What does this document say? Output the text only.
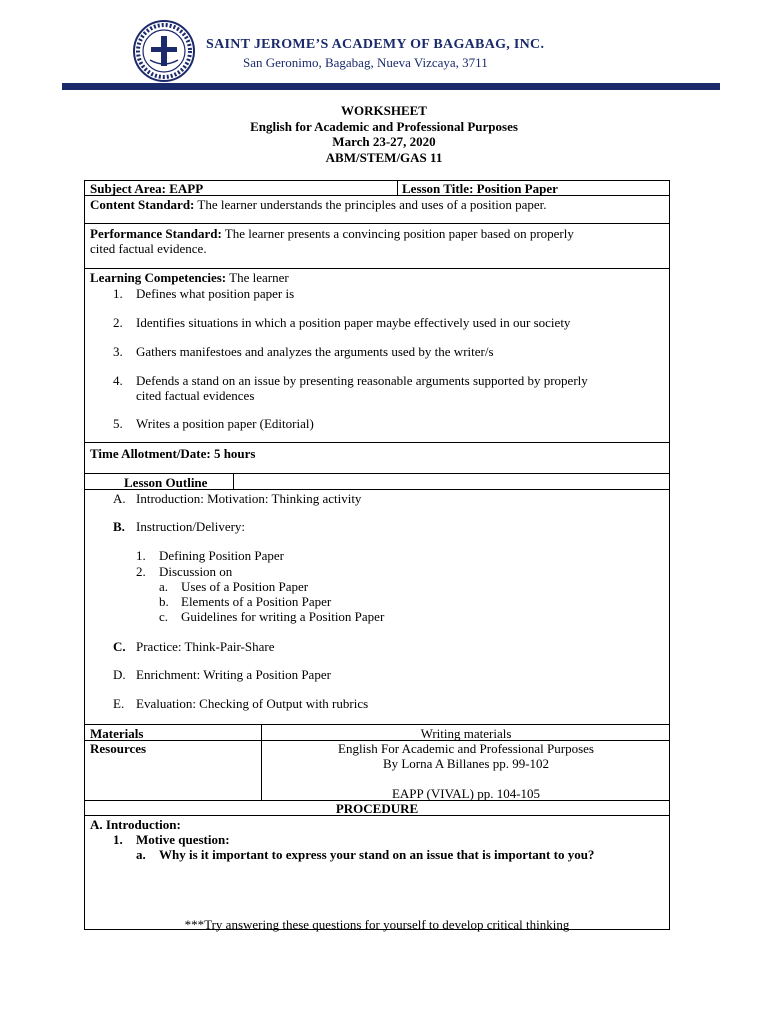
SAINT JEROME’S ACADEMY OF BAGABAG, INC.
San Geronimo, Bagabag, Nueva Vizcaya, 3711
WORKSHEET
English for Academic and Professional Purposes
March 23-27, 2020
ABM/STEM/GAS 11
Subject Area: EAPP	Lesson Title: Position Paper
Content Standard: The learner understands the principles and uses of a position paper.
Performance Standard: The learner presents a convincing position paper based on properly
cited factual evidence.
Learning Competencies: The learner
1. Defines what position paper is
2. Identifies situations in which a position paper maybe effectively used in our society
3. Gathers manifestoes and analyzes the arguments used by the writer/s
4. Defends a stand on an issue by presenting reasonable arguments supported by properly
cited factual evidences
5. Writes a position paper (Editorial)
Time Allotment/Date: 5 hours
Lesson Outline
A. Introduction: Motivation: Thinking activity
B. Instruction/Delivery:
1. Defining Position Paper
2. Discussion on
a. Uses of a Position Paper
b. Elements of a Position Paper
c. Guidelines for writing a Position Paper
C. Practice: Think-Pair-Share
D. Enrichment: Writing a Position Paper
E. Evaluation: Checking of Output with rubrics
Materials	Writing materials
Resources	English For Academic and Professional Purposes
By Lorna A Billanes pp. 99-102
EAPP (VIVAL) pp. 104-105
PROCEDURE
A. Introduction:
1. Motive question:
a. Why is it important to express your stand on an issue that is important to you?
***Try answering these questions for yourself to develop critical thinking
